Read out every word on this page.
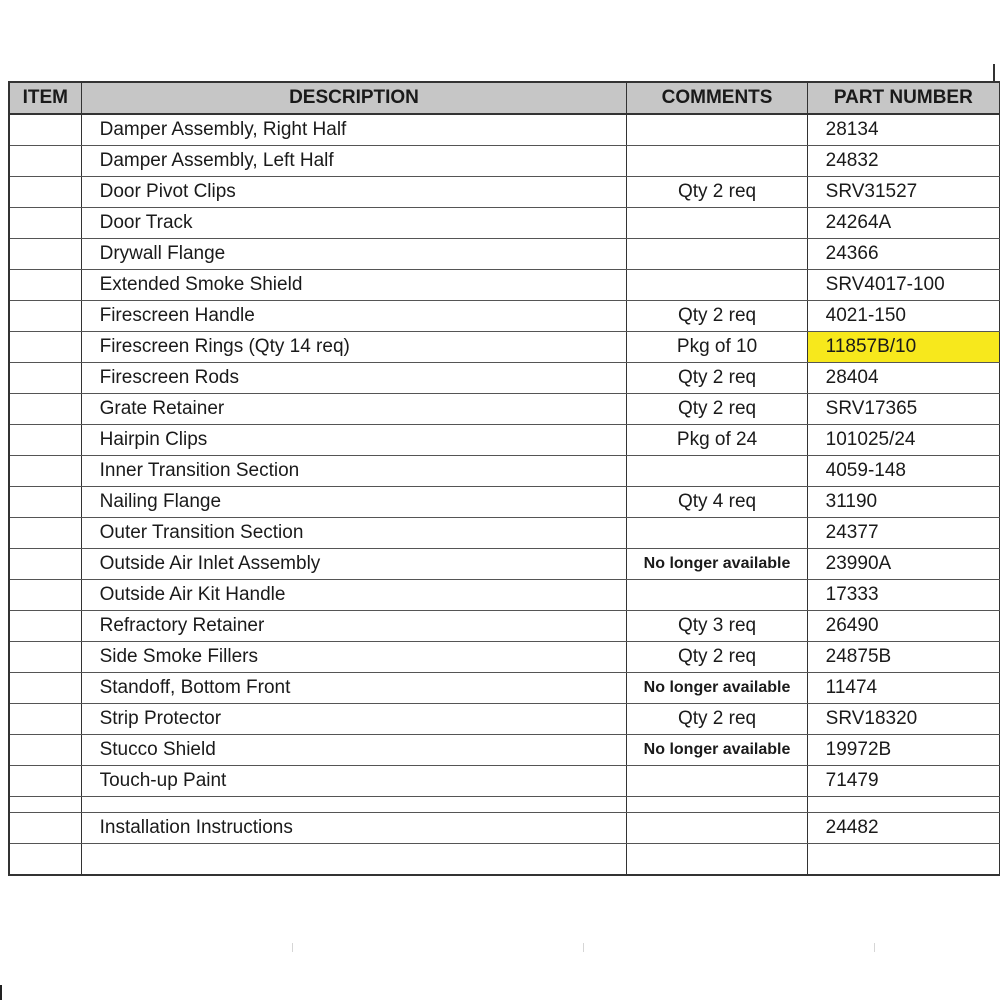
ITEM	DESCRIPTION	COMMENTS	PART NUMBER
	Damper Assembly, Right Half		28134
	Damper Assembly, Left Half		24832
	Door Pivot Clips	Qty 2 req	SRV31527
	Door Track		24264A
	Drywall Flange		24366
	Extended Smoke Shield		SRV4017-100
	Firescreen Handle	Qty 2 req	4021-150
	Firescreen Rings (Qty 14 req)	Pkg of 10	11857B/10
	Firescreen Rods	Qty 2 req	28404
	Grate Retainer	Qty 2 req	SRV17365
	Hairpin Clips	Pkg of 24	101025/24
	Inner Transition Section		4059-148
	Nailing Flange	Qty 4 req	31190
	Outer Transition Section		24377
	Outside Air Inlet Assembly	No longer available	23990A
	Outside Air Kit Handle		17333
	Refractory Retainer	Qty 3 req	26490
	Side Smoke Fillers	Qty 2 req	24875B
	Standoff, Bottom Front	No longer available	11474
	Strip Protector	Qty 2 req	SRV18320
	Stucco Shield	No longer available	19972B
	Touch-up Paint		71479

	Installation Instructions		24482
